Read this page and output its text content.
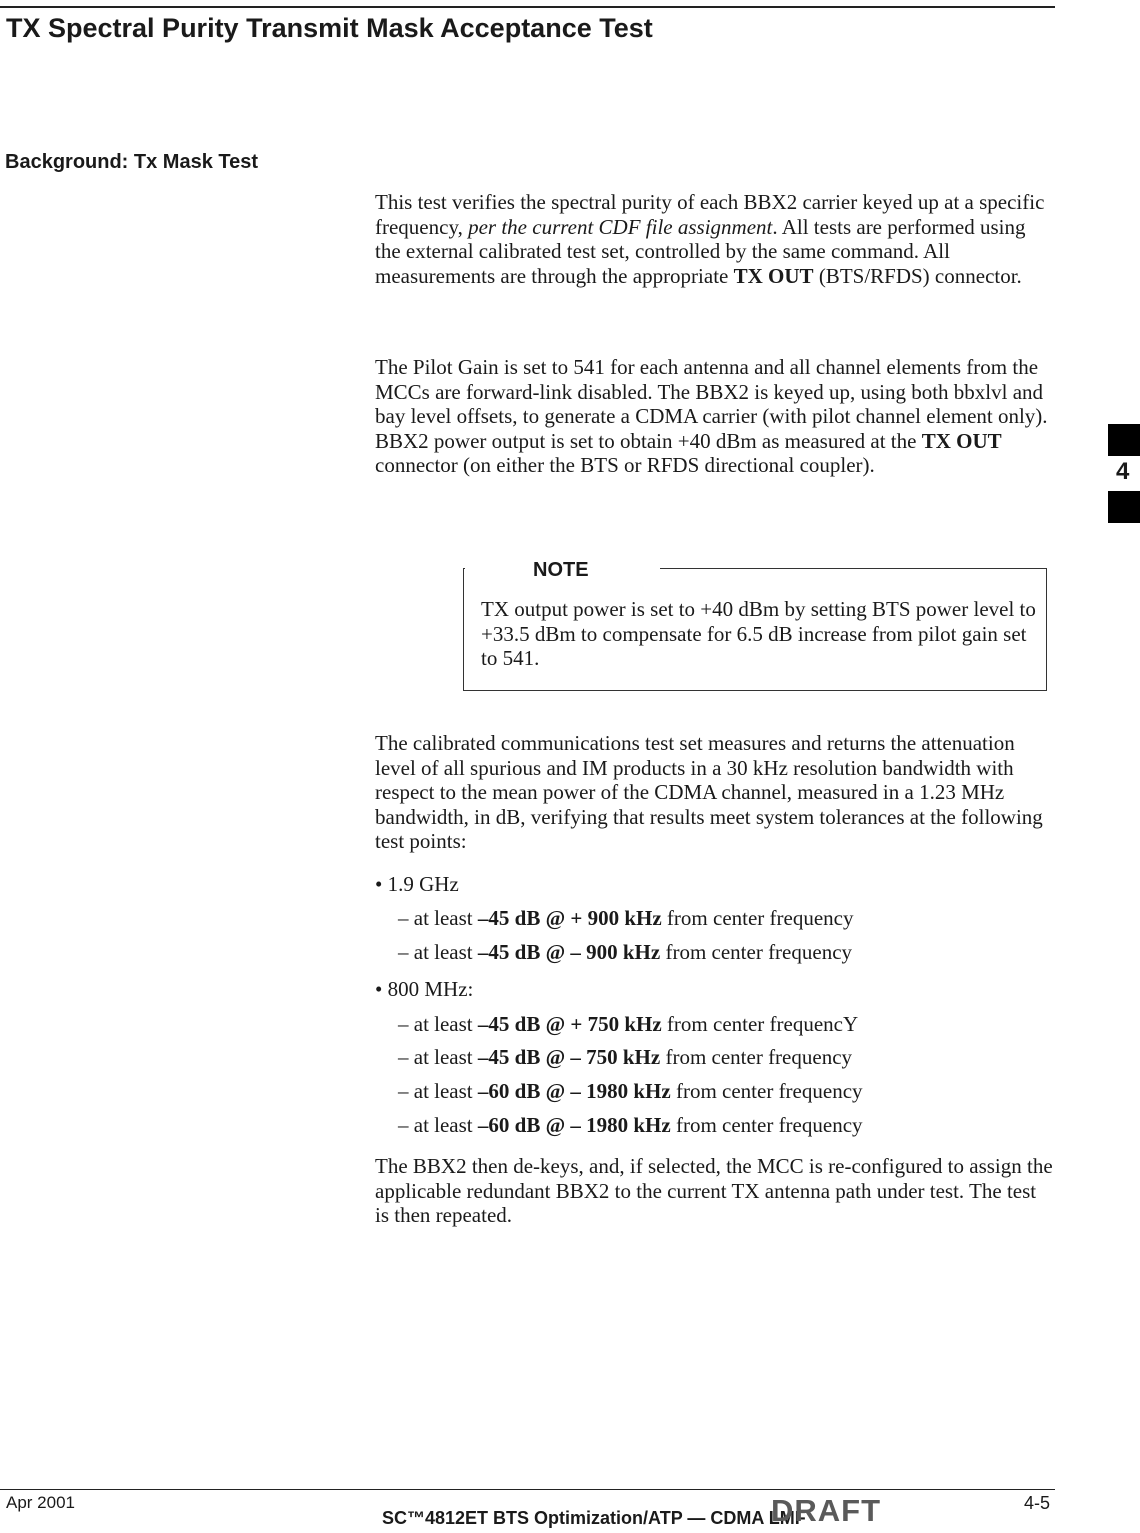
TX Spectral Purity Transmit Mask Acceptance Test
Background: Tx Mask Test
This test verifies the spectral purity of each BBX2 carrier keyed up at a specific frequency, per the current CDF file assignment. All tests are performed using the external calibrated test set, controlled by the same command. All measurements are through the appropriate TX OUT (BTS/RFDS) connector.
The Pilot Gain is set to 541 for each antenna and all channel elements from the MCCs are forward-link disabled. The BBX2 is keyed up, using both bbxlvl and bay level offsets, to generate a CDMA carrier (with pilot channel element only). BBX2 power output is set to obtain +40 dBm as measured at the TX OUT connector (on either the BTS or RFDS directional coupler).
NOTE
TX output power is set to +40 dBm by setting BTS power level to +33.5 dBm to compensate for 6.5 dB increase from pilot gain set to 541.
The calibrated communications test set measures and returns the attenuation level of all spurious and IM products in a 30 kHz resolution bandwidth with respect to the mean power of the CDMA channel, measured in a 1.23 MHz bandwidth, in dB, verifying that results meet system tolerances at the following test points:
• 1.9 GHz
– at least –45 dB @ + 900 kHz from center frequency
– at least –45 dB @ – 900 kHz from center frequency
• 800 MHz:
– at least –45 dB @ + 750 kHz from center frequencY
– at least –45 dB @ – 750 kHz from center frequency
– at least –60 dB @ – 1980 kHz from center frequency
– at least –60 dB @ – 1980 kHz from center frequency
The BBX2 then de-keys, and, if selected, the MCC is re-configured to assign the applicable redundant BBX2 to the current TX antenna path under test. The test is then repeated.
4
Apr 2001
SC™4812ET BTS Optimization/ATP — CDMA LMF
DRAFT	4-5
